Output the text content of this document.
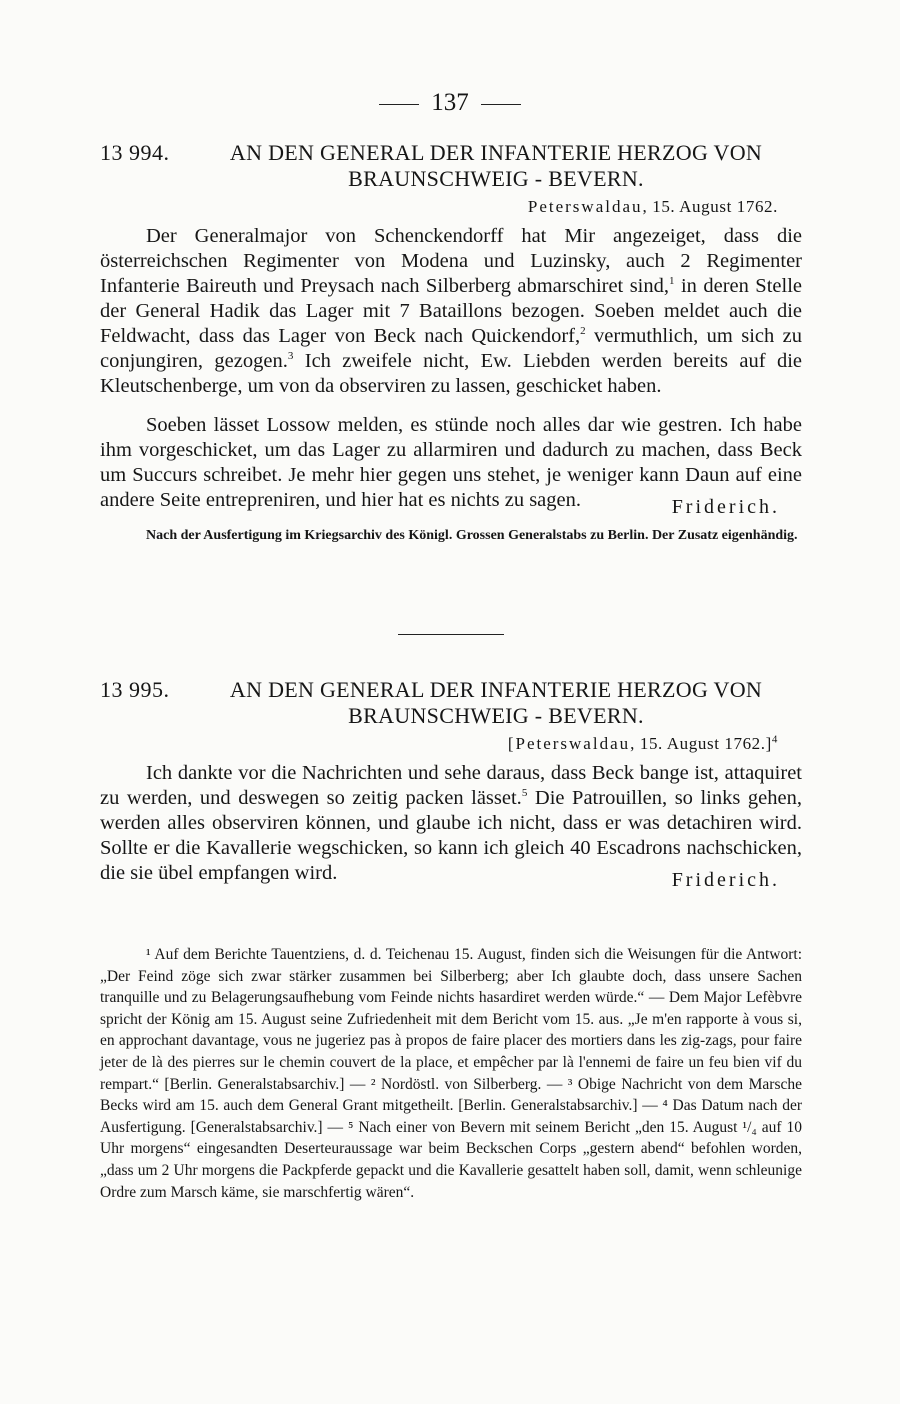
137
13 994.	AN DEN GENERAL DER INFANTERIE HERZOG VON
BRAUNSCHWEIG - BEVERN.
Peterswaldau, 15. August 1762.

Der Generalmajor von Schenckendorff hat Mir angezeiget, dass die österreichschen Regimenter von Modena und Luzinsky, auch 2 Regimenter Infanterie Baireuth und Preysach nach Silberberg abmarschiret sind,$^1$ in deren Stelle der General Hadik das Lager mit 7 Bataillons bezogen. Soeben meldet auch die Feldwacht, dass das Lager von Beck nach Quickendorf,$^2$ vermuthlich, um sich zu conjungiren, gezogen.$^3$ Ich zweifele nicht, Ew. Liebden werden bereits auf die Kleutschenberge, um von da observiren zu lassen, geschicket haben.

Soeben lässet Lossow melden, es stünde noch alles dar wie gestren. Ich habe ihm vorgeschicket, um das Lager zu allarmiren und dadurch zu machen, dass Beck um Succurs schreibet. Je mehr hier gegen uns stehet, je weniger kann Daun auf eine andere Seite entrepreniren, und hier hat es nichts zu sagen.	Friderich.
Nach der Ausfertigung im Kriegsarchiv des Königl. Grossen Generalstabs zu Berlin. Der Zusatz eigenhändig.
13 995.	AN DEN GENERAL DER INFANTERIE HERZOG VON
BRAUNSCHWEIG - BEVERN.
[Peterswaldau, 15. August 1762.]$^4$

Ich dankte vor die Nachrichten und sehe daraus, dass Beck bange ist, attaquiret zu werden, und deswegen so zeitig packen lässet.$^5$ Die Patrouillen, so links gehen, werden alles observiren können, und glaube ich nicht, dass er was detachiren wird. Sollte er die Kavallerie wegschicken, so kann ich gleich 40 Escadrons nachschicken, die sie übel empfangen wird.	Friderich.

¹ Auf dem Berichte Tauentziens, d. d. Teichenau 15. August, finden sich die Weisungen für die Antwort: „Der Feind zöge sich zwar stärker zusammen bei Silberberg; aber Ich glaubte doch, dass unsere Sachen tranquille und zu Belagerungsaufhebung vom Feinde nichts hasardiret werden würde.“ — Dem Major Lefèbvre spricht der König am 15. August seine Zufriedenheit mit dem Bericht vom 15. aus. „Je m'en rapporte à vous si, en approchant davantage, vous ne jugeriez pas à propos de faire placer des mortiers dans les zig-zags, pour faire jeter de là des pierres sur le chemin couvert de la place, et empêcher par là l'ennemi de faire un feu bien vif du rempart.“ [Berlin. Generalstabsarchiv.] — ² Nordöstl. von Silberberg. — ³ Obige Nachricht von dem Marsche Becks wird am 15. auch dem General Grant mitgetheilt. [Berlin. Generalstabsarchiv.] — ⁴ Das Datum nach der Ausfertigung. [Generalstabsarchiv.] — ⁵ Nach einer von Bevern mit seinem Bericht „den 15. August ¹/₄ auf 10 Uhr morgens“ eingesandten Deserteuraussage war beim Beckschen Corps „gestern abend“ befohlen worden, „dass um 2 Uhr morgens die Packpferde gepackt und die Kavallerie gesattelt haben soll, damit, wenn schleunige Ordre zum Marsch käme, sie marschfertig wären“.
